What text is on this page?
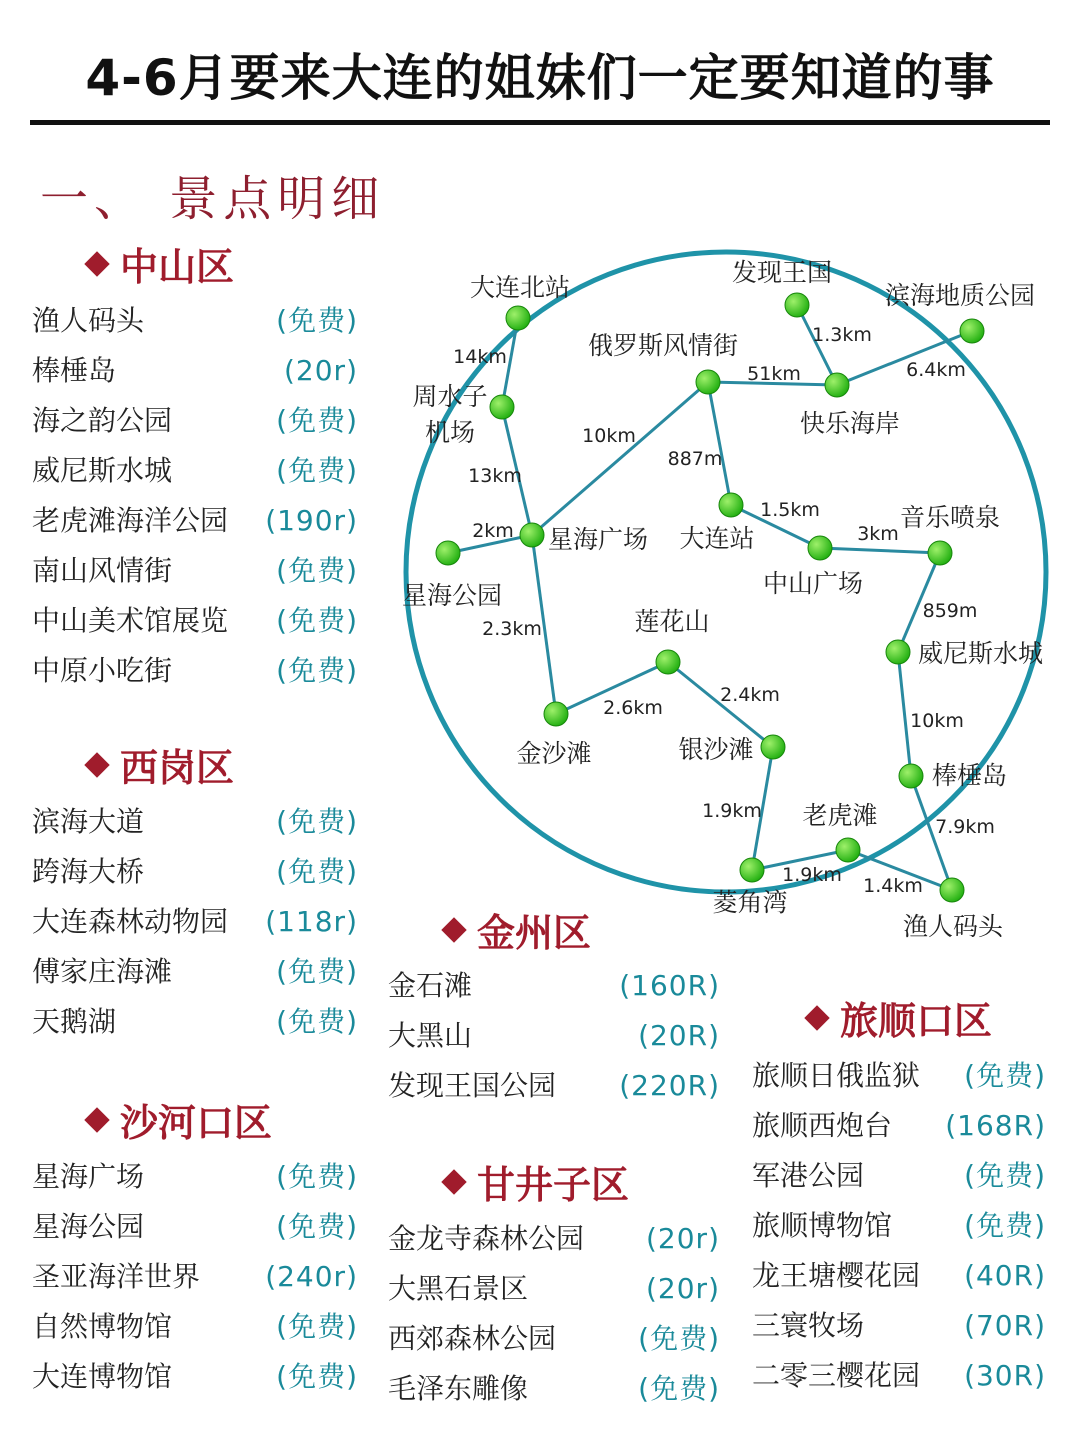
4-6月要来大连的姐妹们一定要知道的事
一、 景点明细
中山区
渔人码头	(免费)
棒棰岛	(20r)
海之韵公园	(免费)
威尼斯水城	(免费)
老虎滩海洋公园 (190r)
南山风情街	(免费)
中山美术馆展览 (免费)
中原小吃街	(免费)
西岗区
滨海大道	(免费)
跨海大桥	(免费)
大连森林动物园 (118r)
傅家庄海滩	(免费)
天鹅湖	(免费)
沙河口区
星海广场	(免费)
星海公园	(免费)
圣亚海洋世界 (240r)
自然博物馆	(免费)
大连博物馆	(免费)
金州区
金石滩	(160R)
大黑山	(20R)
发现王国公园 (220R)
甘井子区
金龙寺森林公园 (20r)
大黑石景区	(20r)
西郊森林公园	(免费)
毛泽东雕像	(免费)
旅顺口区
旅顺日俄监狱 (免费)
旅顺西炮台 (168R)
军港公园	(免费)
旅顺博物馆	(免费)
龙王塘樱花园 (40R)
三寰牧场	(70R)
二零三樱花园 (30R)
大连北站
周水子
机场
发现王国
滨海地质公园
俄罗斯风情街
快乐海岸
星海广场
星海公园
大连站
中山广场
音乐喷泉
莲花山
威尼斯水城
金沙滩	银沙滩
棒棰岛
老虎滩
菱角湾
渔人码头
14km
13km
2km
10km
2.3km
51km
1.3km
6.4km
887m
1.5km
3km
859m
2.6km
2.4km
10km
1.9km
7.9km
1.9km 1.4km
